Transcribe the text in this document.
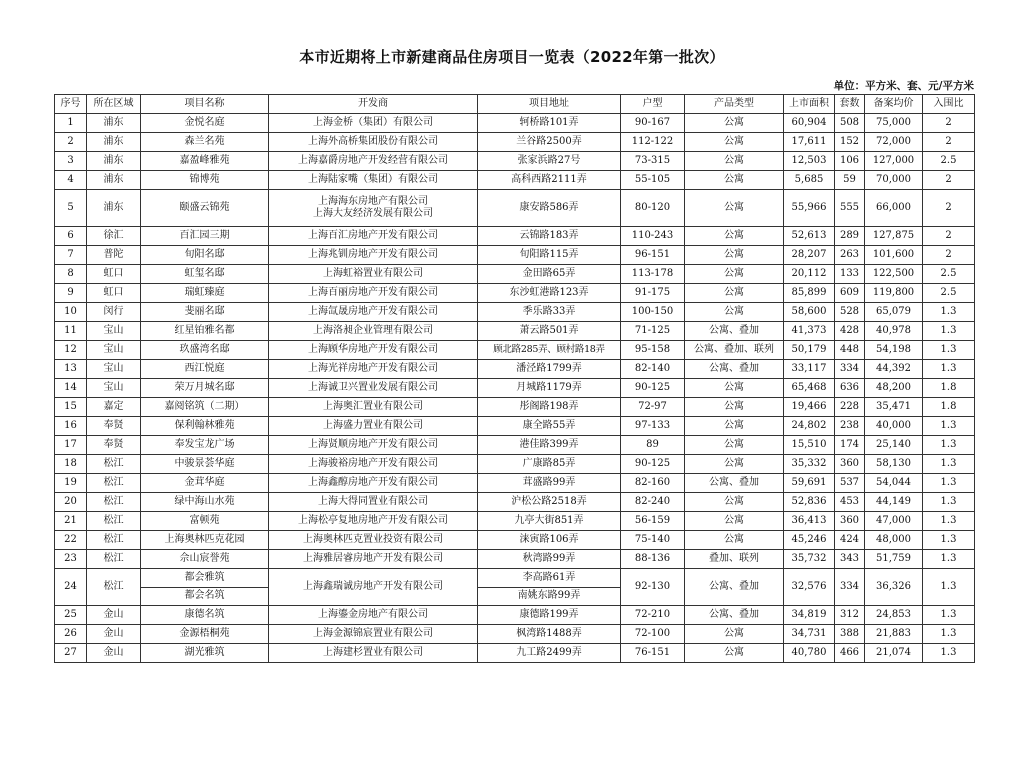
本市近期将上市新建商品住房项目一览表（2022年第一批次）
单位：平方米、套、元/平方米
序号	所在区域	项目名称	开发商	项目地址	户型	产品类型	上市面积	套数	备案均价	入围比
1	浦东	金悦名庭	上海金桥（集团）有限公司	轲桥路101弄	90-167	公寓	60,904	508	75,000	2
2	浦东	森兰名苑	上海外高桥集团股份有限公司	兰谷路2500弄	112-122	公寓	17,611	152	72,000	2
3	浦东	嘉盈峰雅苑	上海嘉爵房地产开发经营有限公司	张家浜路27号	73-315	公寓	12,503	106	127,000	2.5
4	浦东	锦博苑	上海陆家嘴（集团）有限公司	高科西路2111弄	55-105	公寓	5,685	59	70,000	2
5	浦东	颐盛云锦苑	上海海东房地产有限公司
上海大友经济发展有限公司	康安路586弄	80-120	公寓	55,966	555	66,000	2
6	徐汇	百汇园三期	上海百汇房地产开发有限公司	云锦路183弄	110-243	公寓	52,613	289	127,875	2
7	普陀	旬阳名邸	上海兆钏房地产开发有限公司	旬阳路115弄	96-151	公寓	28,207	263	101,600	2
8	虹口	虹玺名邸	上海虹裕置业有限公司	金田路65弄	113-178	公寓	20,112	133	122,500	2.5
9	虹口	瑞虹臻庭	上海百丽房地产开发有限公司	东沙虹港路123弄	91-175	公寓	85,899	609	119,800	2.5
10	闵行	斐丽名邸	上海氙晟房地产开发有限公司	季乐路33弄	100-150	公寓	58,600	528	65,079	1.3
11	宝山	红星铂雅名都	上海洛昶企业管理有限公司	萧云路501弄	71-125	公寓、叠加	41,373	428	40,978	1.3
12	宝山	玖盛湾名邸	上海顾华房地产开发有限公司	顾北路285弄、顾村路18弄	95-158	公寓、叠加、联列	50,179	448	54,198	1.3
13	宝山	西江悦庭	上海光祥房地产开发有限公司	潘泾路1799弄	82-140	公寓、叠加	33,117	334	44,392	1.3
14	宝山	荣万月城名邸	上海诚卫兴置业发展有限公司	月城路1179弄	90-125	公寓	65,468	636	48,200	1.8
15	嘉定	嘉阅铭筑（二期）	上海奥汇置业有限公司	彤阁路198弄	72-97	公寓	19,466	228	35,471	1.8
16	奉贤	保利翰林雅苑	上海盛力置业有限公司	康全路55弄	97-133	公寓	24,802	238	40,000	1.3
17	奉贤	奉发宝龙广场	上海贤顺房地产开发有限公司	港佳路399弄	89	公寓	15,510	174	25,140	1.3
18	松江	中骏景荟华庭	上海骏裕房地产开发有限公司	广康路85弄	90-125	公寓	35,332	360	58,130	1.3
19	松江	金茸华庭	上海鑫醇房地产开发有限公司	茸盛路99弄	82-160	公寓、叠加	59,691	537	54,044	1.3
20	松江	绿中海山水苑	上海大得同置业有限公司	沪松公路2518弄	82-240	公寓	52,836	453	44,149	1.3
21	松江	富顿苑	上海松亭复地房地产开发有限公司	九亭大街851弄	56-159	公寓	36,413	360	47,000	1.3
22	松江	上海奥林匹克花园	上海奥林匹克置业投资有限公司	涞寅路106弄	75-140	公寓	45,246	424	48,000	1.3
23	松江	佘山宸誉苑	上海雅居睿房地产开发有限公司	秋湾路99弄	88-136	叠加、联列	35,732	343	51,759	1.3
24	松江	都会雅筑	上海鑫瑞诚房地产开发有限公司	李高路61弄	92-130	公寓、叠加	32,576	334	36,326	1.3
		都会名筑		南姚东路99弄						
25	金山	康德名筑	上海鎏金房地产有限公司	康德路199弄	72-210	公寓、叠加	34,819	312	24,853	1.3
26	金山	金源梧桐苑	上海金源锦宸置业有限公司	枫湾路1488弄	72-100	公寓	34,731	388	21,883	1.3
27	金山	湖光雅筑	上海建杉置业有限公司	九工路2499弄	76-151	公寓	40,780	466	21,074	1.3
